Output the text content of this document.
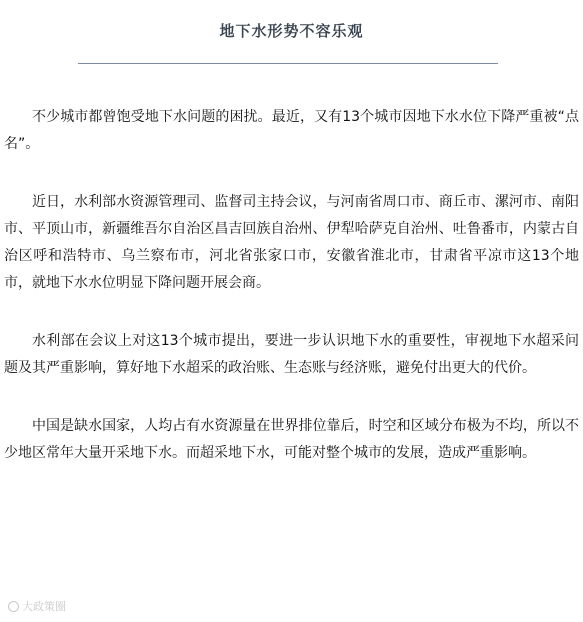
地下水形势不容乐观

不少城市都曾饱受地下水问题的困扰。最近，又有13个城市因地下水水位下降严重被“点名”。

近日，水利部水资源管理司、监督司主持会议，与河南省周口市、商丘市、漯河市、南阳市、平顶山市，新疆维吾尔自治区昌吉回族自治州、伊犁哈萨克自治州、吐鲁番市，内蒙古自治区呼和浩特市、乌兰察布市，河北省张家口市，安徽省淮北市，甘肃省平凉市这13个地市，就地下水水位明显下降问题开展会商。

水利部在会议上对这13个城市提出，要进一步认识地下水的重要性，审视地下水超采问题及其严重影响，算好地下水超采的政治账、生态账与经济账，避免付出更大的代价。

中国是缺水国家，人均占有水资源量在世界排位靠后，时空和区域分布极为不均，所以不少地区常年大量开采地下水。而超采地下水，可能对整个城市的发展，造成严重影响。

大政策圈
